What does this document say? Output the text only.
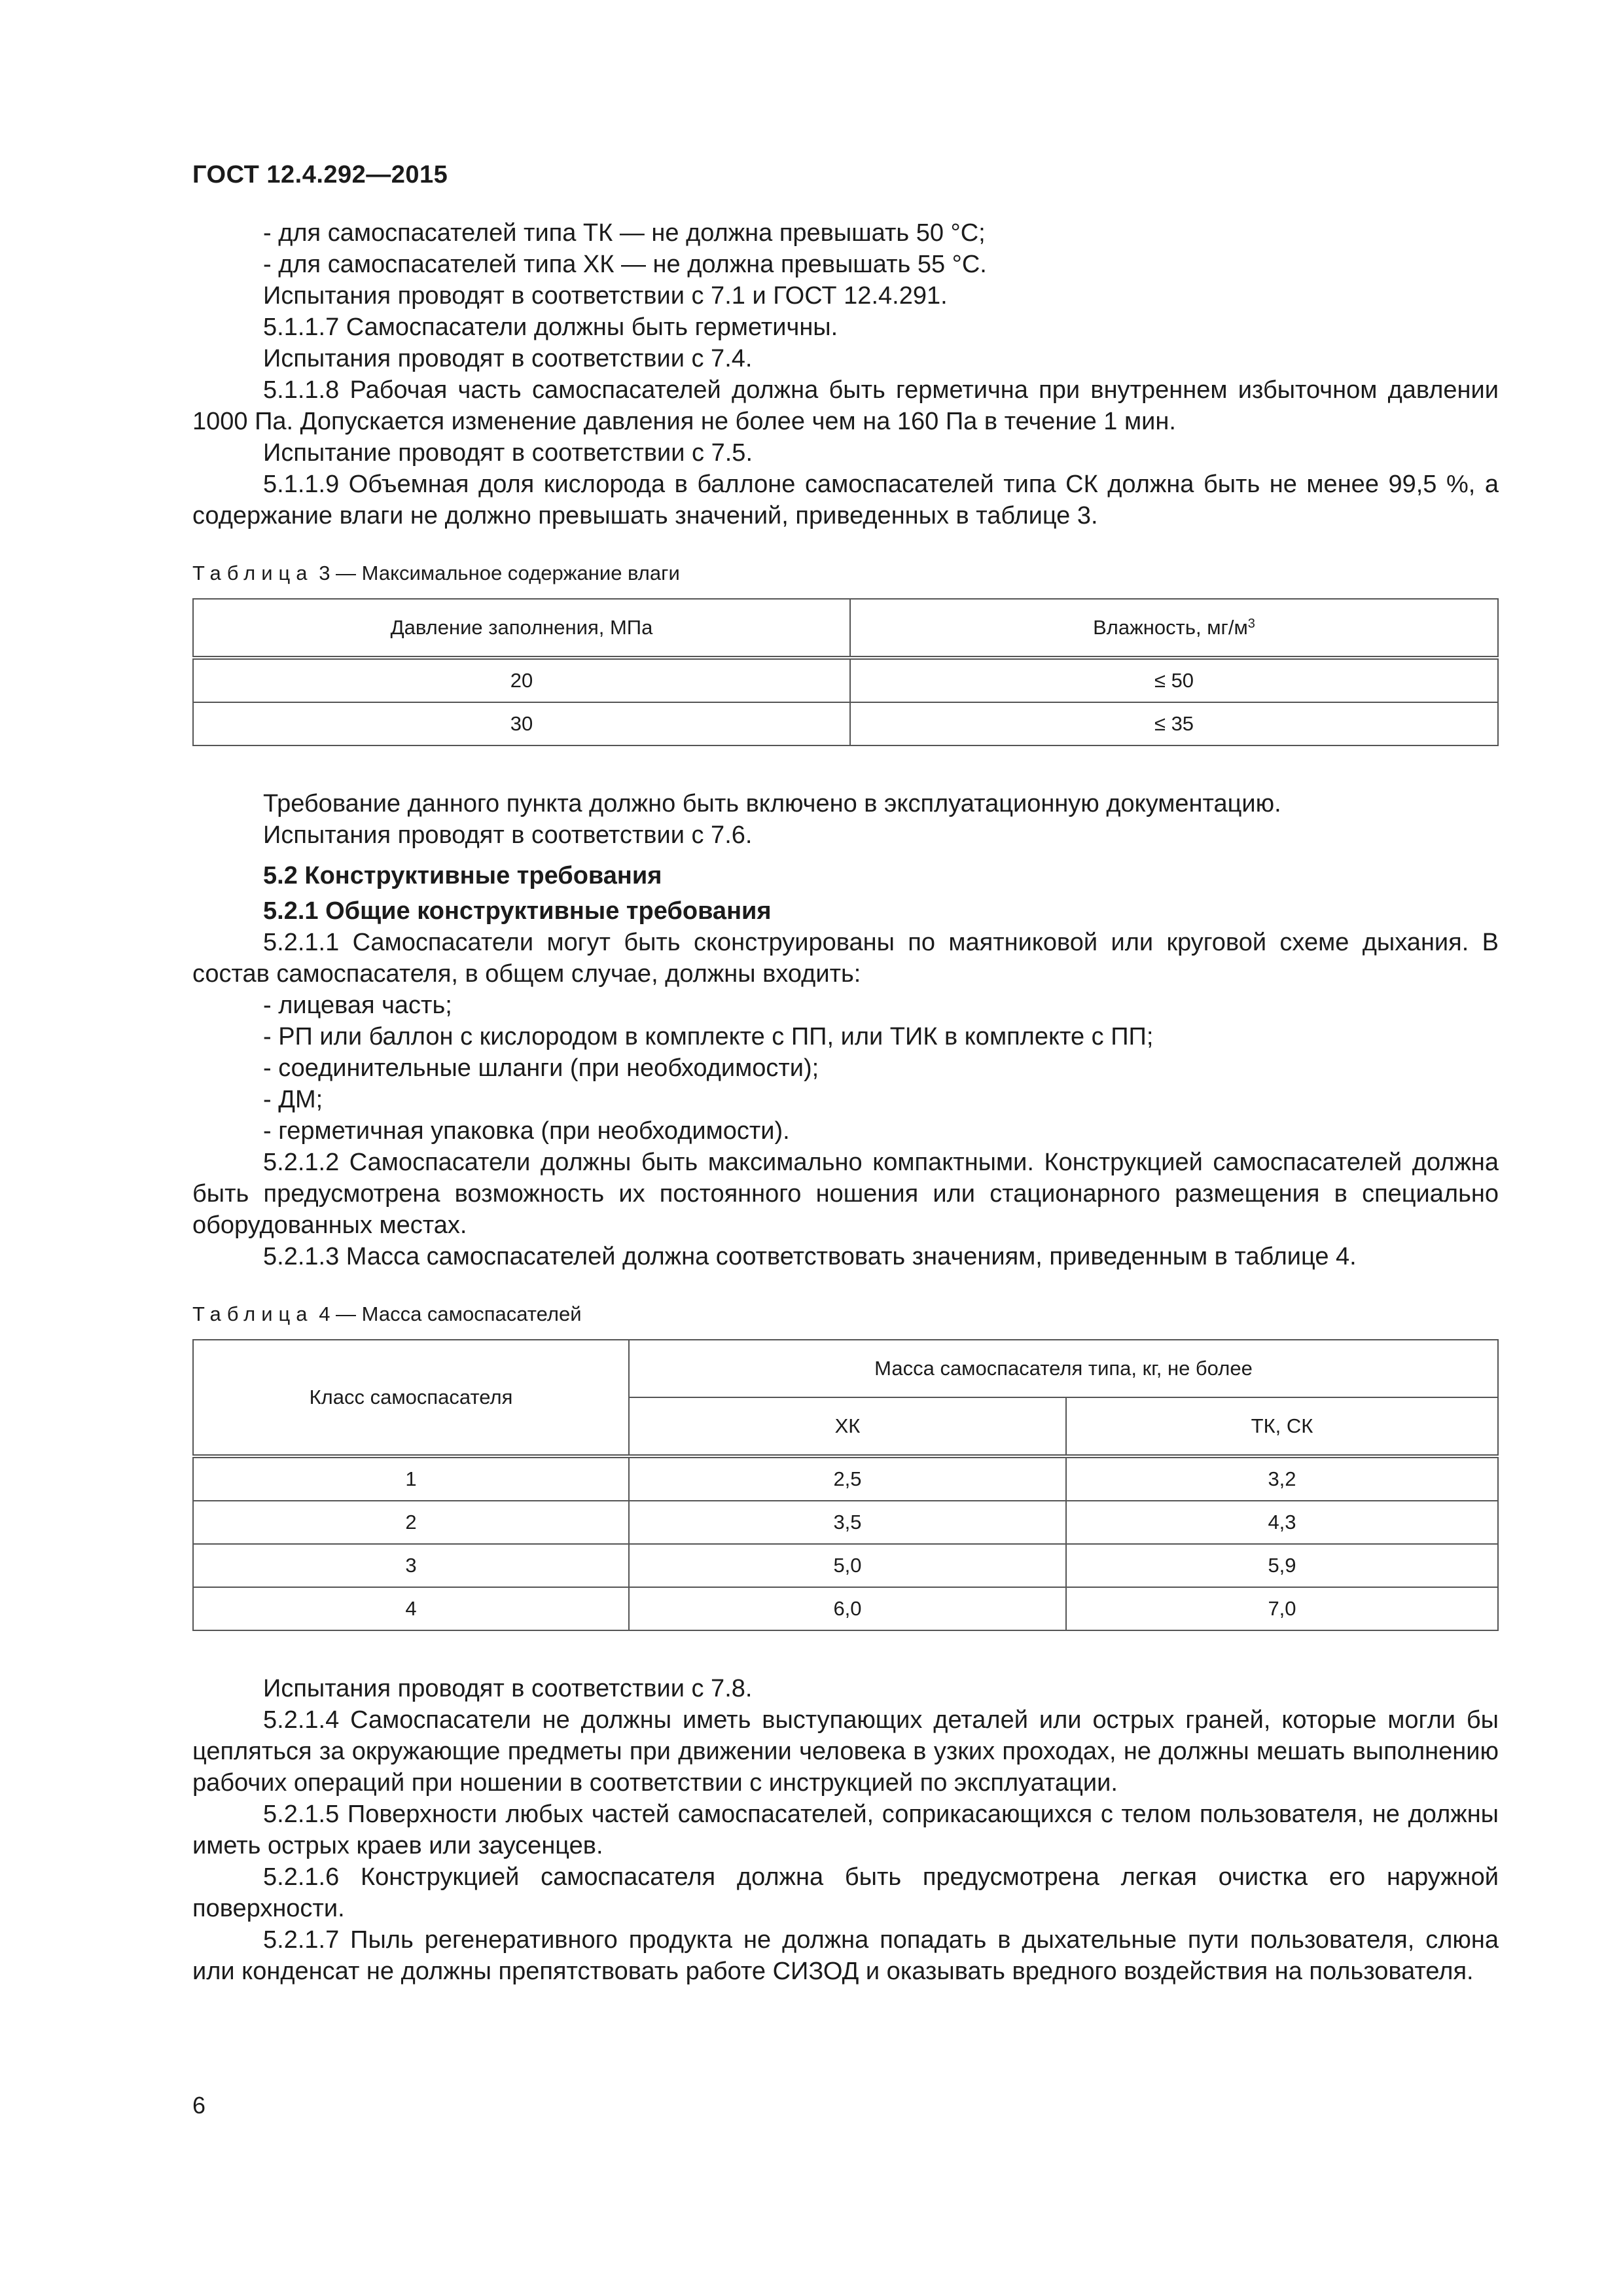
ГОСТ 12.4.292—2015

- для самоспасателей типа ТК — не должна превышать 50 °С;

- для самоспасателей типа ХК — не должна превышать 55 °С.

Испытания проводят в соответствии с 7.1 и ГОСТ 12.4.291.

5.1.1.7 Самоспасатели должны быть герметичны.

Испытания проводят в соответствии с 7.4.

5.1.1.8 Рабочая часть самоспасателей должна быть герметична при внутреннем избыточном давлении 1000 Па. Допускается изменение давления не более чем на 160 Па в течение 1 мин.

Испытание проводят в соответствии с 7.5.

5.1.1.9 Объемная доля кислорода в баллоне самоспасателей типа СК должна быть не менее 99,5 %, а содержание влаги не должно превышать значений, приведенных в таблице 3.

Таблица 3 — Максимальное содержание влаги
Давление заполнения, МПа	Влажность, $мг/м^3$
20	≤ 50
30	≤ 35

Требование данного пункта должно быть включено в эксплуатационную документацию.

Испытания проводят в соответствии с 7.6.

5.2 Конструктивные требования

5.2.1 Общие конструктивные требования

5.2.1.1 Самоспасатели могут быть сконструированы по маятниковой или круговой схеме дыхания. В состав самоспасателя, в общем случае, должны входить:

- лицевая часть;

- РП или баллон с кислородом в комплекте с ПП, или ТИК в комплекте с ПП;

- соединительные шланги (при необходимости);

- ДМ;

- герметичная упаковка (при необходимости).

5.2.1.2 Самоспасатели должны быть максимально компактными. Конструкцией самоспасателей должна быть предусмотрена возможность их постоянного ношения или стационарного размещения в специально оборудованных местах.

5.2.1.3 Масса самоспасателей должна соответствовать значениям, приведенным в таблице 4.

Таблица 4 — Масса самоспасателей
Класс самоспасателя	Масса самоспасателя типа, кг, не более	
	ХК	ТК, СК
1	2,5	3,2
2	3,5	4,3
3	5,0	5,9
4	6,0	7,0

Испытания проводят в соответствии с 7.8.

5.2.1.4 Самоспасатели не должны иметь выступающих деталей или острых граней, которые могли бы цепляться за окружающие предметы при движении человека в узких проходах, не должны мешать выполнению рабочих операций при ношении в соответствии с инструкцией по эксплуатации.

5.2.1.5 Поверхности любых частей самоспасателей, соприкасающихся с телом пользователя, не должны иметь острых краев или заусенцев.

5.2.1.6 Конструкцией самоспасателя должна быть предусмотрена легкая очистка его наружной поверхности.

5.2.1.7 Пыль регенеративного продукта не должна попадать в дыхательные пути пользователя, слюна или конденсат не должны препятствовать работе СИЗОД и оказывать вредного воздействия на пользователя.

6
